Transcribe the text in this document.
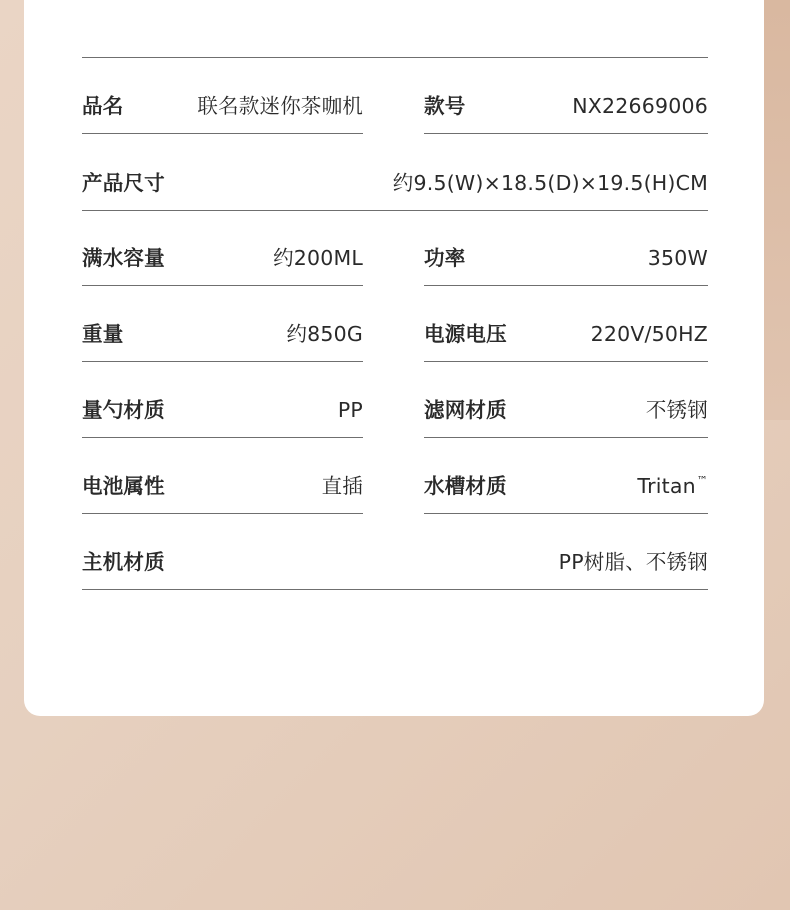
品名	联名款迷你茶咖机	款号	NX22669006
产品尺寸	约9.5(W)×18.5(D)×19.5(H)CM
满水容量	约200ML	功率	350W
重量	约850G	电源电压	220V/50HZ
量勺材质	PP	滤网材质	不锈钢
电池属性	直插	水槽材质	Tritan™
主机材质	PP树脂、不锈钢
